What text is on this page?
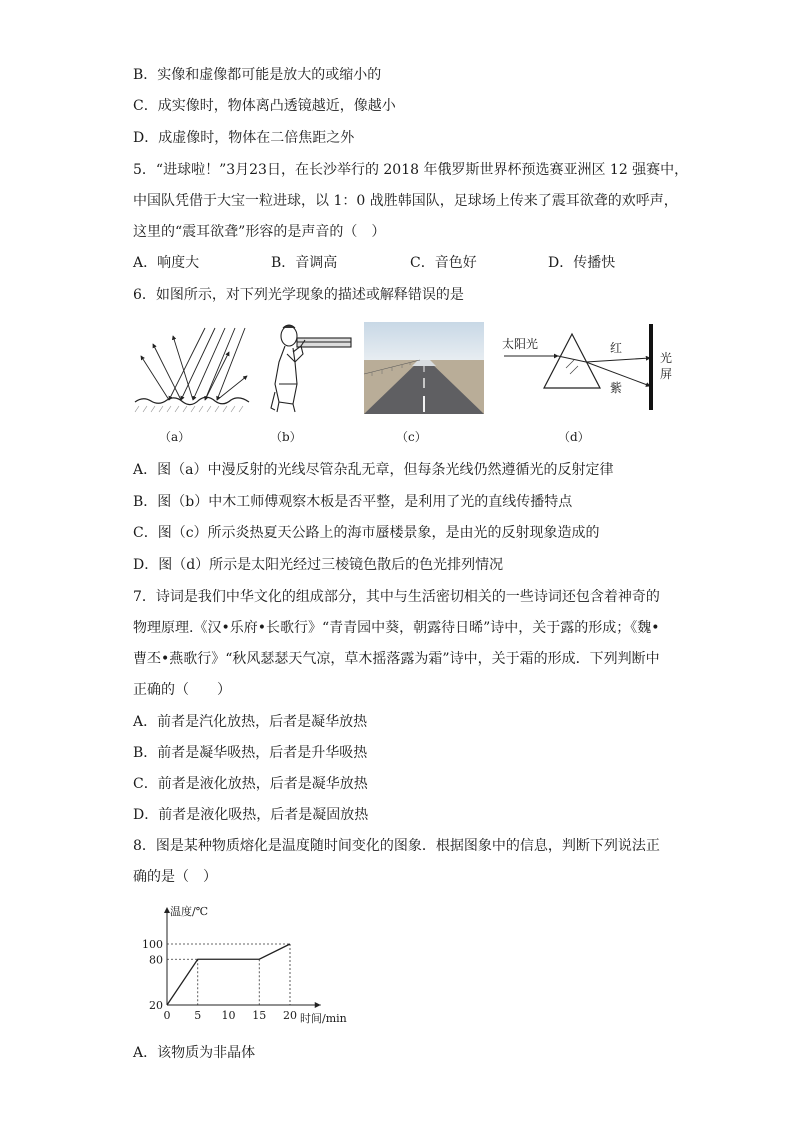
B．实像和虚像都可能是放大的或缩小的
C．成实像时，物体离凸透镜越近，像越小
D．成虚像时，物体在二倍焦距之外
5．“进球啦！”3月23日，在长沙举行的 2018 年俄罗斯世界杯预选赛亚洲区 12 强赛中，
中国队凭借于大宝一粒进球，以 1：0 战胜韩国队，足球场上传来了震耳欲聋的欢呼声，
这里的“震耳欲聋”形容的是声音的（　）
A．响度大	B．音调高	C．音色好	D．传播快
6．如图所示，对下列光学现象的描述或解释错误的是
太阳光	红
紫
光
屏
（a）	（b）	（c）	（d）
A．图（a）中漫反射的光线尽管杂乱无章，但每条光线仍然遵循光的反射定律
B．图（b）中木工师傅观察木板是否平整，是利用了光的直线传播特点
C．图（c）所示炎热夏天公路上的海市蜃楼景象，是由光的反射现象造成的
D．图（d）所示是太阳光经过三棱镜色散后的色光排列情况
7．诗词是我们中华文化的组成部分，其中与生活密切相关的一些诗词还包含着神奇的
物理原理.《汉•乐府•长歌行》“青青园中葵，朝露待日晞”诗中，关于露的形成；《魏•
曹丕•燕歌行》“秋风瑟瑟天气凉，草木摇落露为霜”诗中，关于霜的形成．下列判断中
正确的（　　）
A．前者是汽化放热，后者是凝华放热
B．前者是凝华吸热，后者是升华吸热
C．前者是液化放热，后者是凝华放热
D．前者是液化吸热，后者是凝固放热
8．图是某种物质熔化是温度随时间变化的图象．根据图象中的信息，判断下列说法正
确的是（　）
温度/℃
时间/min
0 5 10 15 20
20
80
100
A．该物质为非晶体
